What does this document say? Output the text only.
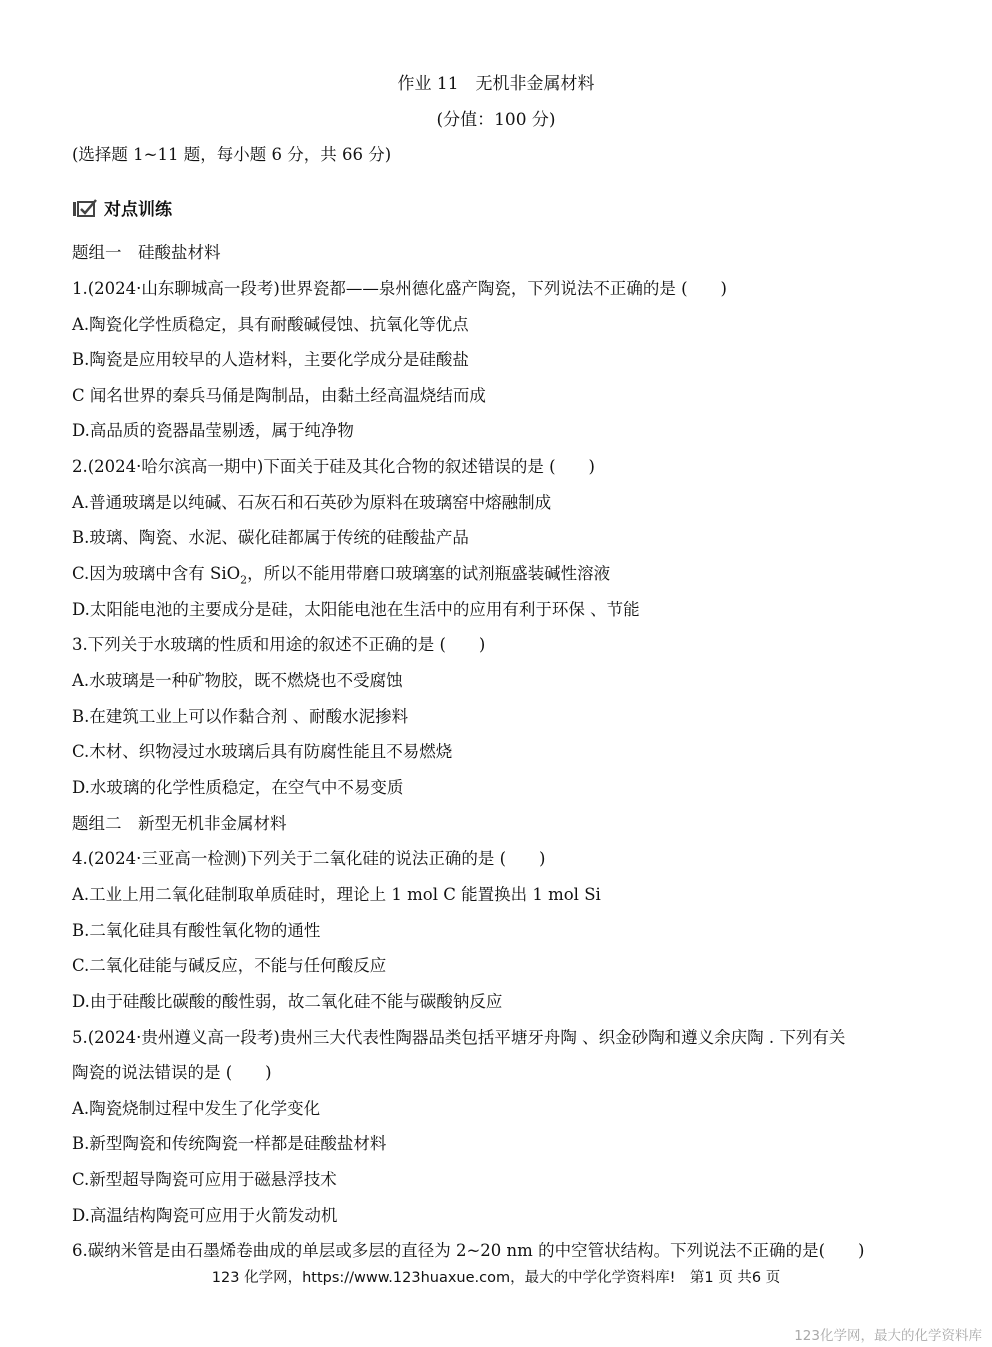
作业 11　无机非金属材料
(分值：100 分)
(选择题 1~11 题，每小题 6 分，共 66 分)
对点训练
题组一　硅酸盐材料
1.(2024·山东聊城高一段考)世界瓷都——泉州德化盛产陶瓷，下列说法不正确的是 (　　)
A.陶瓷化学性质稳定，具有耐酸碱侵蚀、抗氧化等优点
B.陶瓷是应用较早的人造材料，主要化学成分是硅酸盐
C 闻名世界的秦兵马俑是陶制品，由黏土经高温烧结而成
D.高品质的瓷器晶莹剔透，属于纯净物
2.(2024·哈尔滨高一期中)下面关于硅及其化合物的叙述错误的是 (　　)
A.普通玻璃是以纯碱、石灰石和石英砂为原料在玻璃窑中熔融制成
B.玻璃、陶瓷、水泥、碳化硅都属于传统的硅酸盐产品
C.因为玻璃中含有 SiO$_2$，所以不能用带磨口玻璃塞的试剂瓶盛装碱性溶液
D.太阳能电池的主要成分是硅，太阳能电池在生活中的应用有利于环保 、节能
3.下列关于水玻璃的性质和用途的叙述不正确的是 (　　)
A.水玻璃是一种矿物胶，既不燃烧也不受腐蚀
B.在建筑工业上可以作黏合剂 、耐酸水泥掺料
C.木材、织物浸过水玻璃后具有防腐性能且不易燃烧
D.水玻璃的化学性质稳定，在空气中不易变质
题组二　新型无机非金属材料
4.(2024·三亚高一检测)下列关于二氧化硅的说法正确的是 (　　)
A.工业上用二氧化硅制取单质硅时，理论上 1 mol C 能置换出 1 mol Si
B.二氧化硅具有酸性氧化物的通性
C.二氧化硅能与碱反应，不能与任何酸反应
D.由于硅酸比碳酸的酸性弱，故二氧化硅不能与碳酸钠反应
5.(2024·贵州遵义高一段考)贵州三大代表性陶器品类包括平塘牙舟陶 、织金砂陶和遵义余庆陶 . 下列有关
陶瓷的说法错误的是 (　　)
A.陶瓷烧制过程中发生了化学变化
B.新型陶瓷和传统陶瓷一样都是硅酸盐材料
C.新型超导陶瓷可应用于磁悬浮技术
D.高温结构陶瓷可应用于火箭发动机
6.碳纳米管是由石墨烯卷曲成的单层或多层的直径为 2~20 nm 的中空管状结构。下列说法不正确的是(　　)
123 化学网，https://www.123huaxue.com，最大的中学化学资料库!　第1 页 共6 页
123化学网，最大的化学资料库
